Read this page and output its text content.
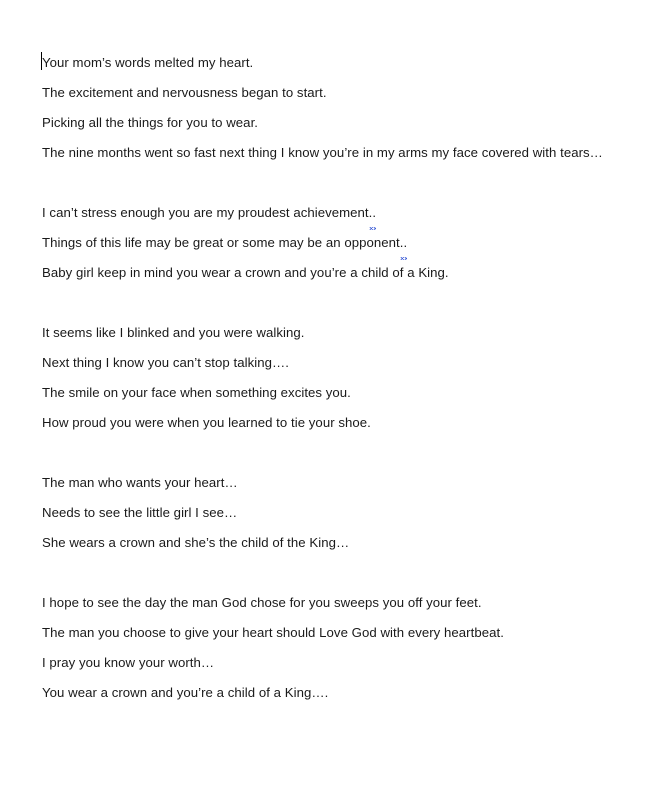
Your mom’s words melted my heart.
The excitement and nervousness began to start.
Picking all the things for you to wear.
The nine months went so fast next thing I know you’re in my arms my face covered with tears…
I can’t stress enough you are my proudest achievement..
Things of this life may be great or some may be an opponent..
Baby girl keep in mind you wear a crown and you’re a child of a King.
It seems like I blinked and you were walking.
Next thing I know you can’t stop talking….
The smile on your face when something excites you.
How proud you were when you learned to tie your shoe.
The man who wants your heart…
Needs to see the little girl I see…
She wears a crown and she’s the child of the King…
I hope to see the day the man God chose for you sweeps you off your feet.
The man you choose to give your heart should Love God with every heartbeat.
I pray you know your worth…
You wear a crown and you’re a child of a King….
